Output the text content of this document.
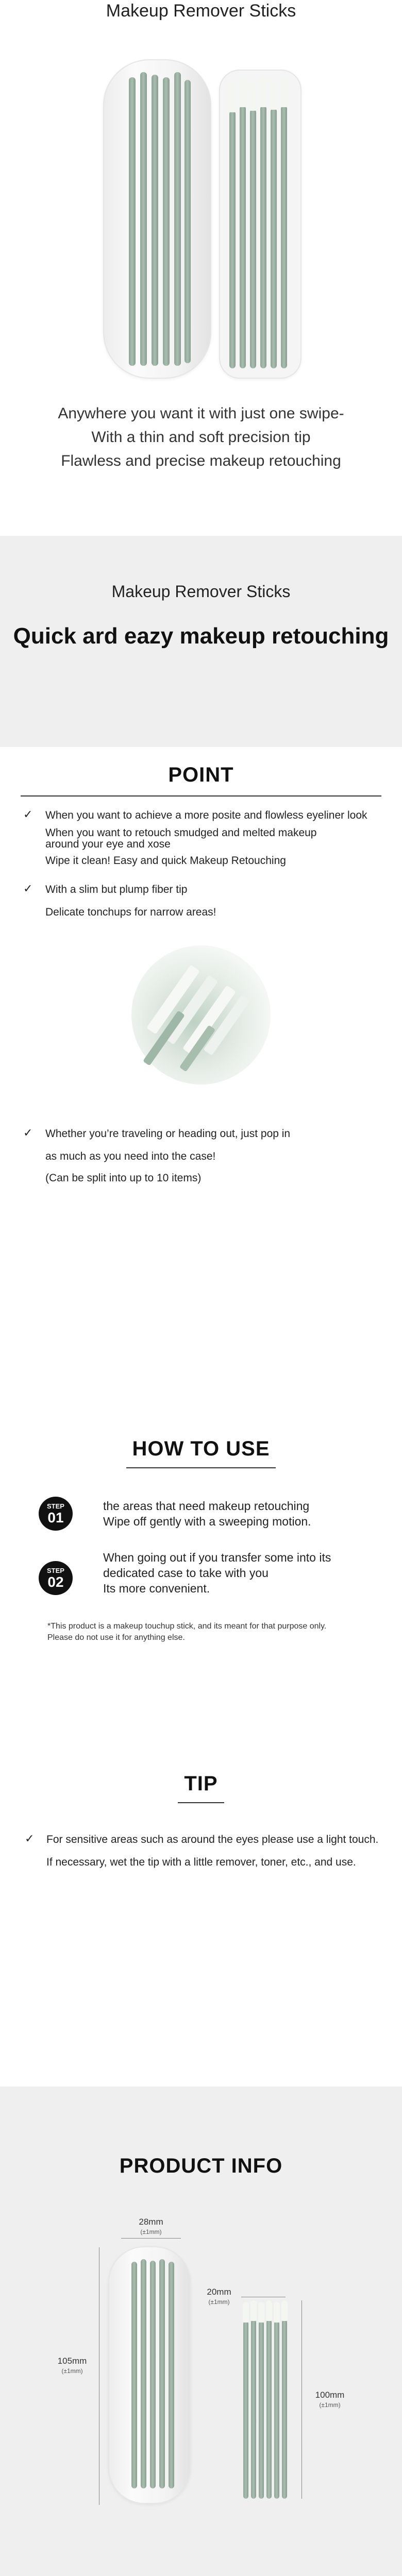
Makeup Remover Sticks
Anywhere you want it with just one swipe-
With a thin and soft precision tip
Flawless and precise makeup retouching
Makeup Remover Sticks
Quick ard eazy makeup retouching
POINT
✓ When you want to achieve a more posite and flowless eyeliner look
When you want to retouch smudged and melted makeup
around your eye and xose
Wipe it clean! Easy and quick Makeup Retouching
✓ With a slim but plump fiber tip
Delicate tonchups for narrow areas!
✓ Whether you’re traveling or heading out, just pop in
as much as you need into the case!
(Can be split into up to 10 items)
HOW TO USE
STEP
01
the areas that need makeup retouching
Wipe off gently with a sweeping motion.
STEP
02
When going out if you transfer some into its
dedicated case to take with you
Its more convenient.
*This product is a makeup touchup stick, and its meant for that purpose only.
Please do not use it for anything else.
TIP
✓ For sensitive areas such as around the eyes please use a light touch.
If necessary, wet the tip with a little remover, toner, etc., and use.
PRODUCT INFO
28mm
(±1mm)
105mm
(±1mm)
20mm
(±1mm)
100mm
(±1mm)
